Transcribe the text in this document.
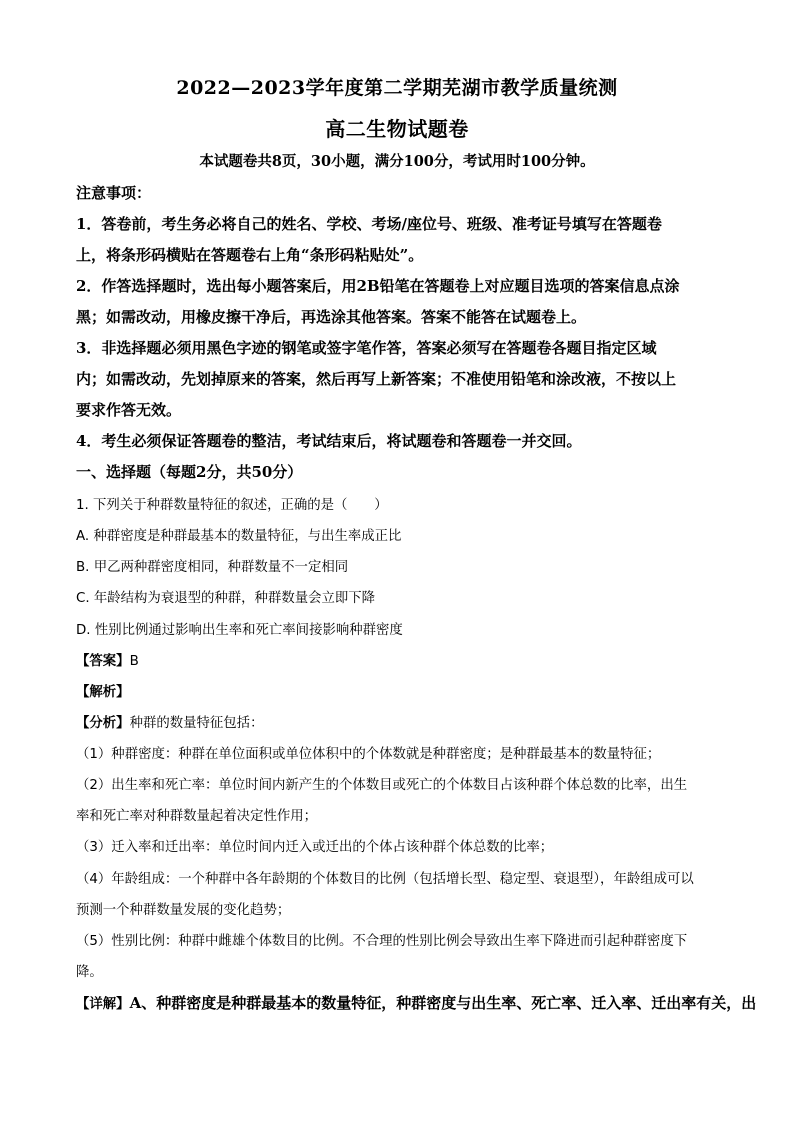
2022—2023学年度第二学期芜湖市教学质量统测
高二生物试题卷
本试题卷共8页，30小题，满分100分，考试用时100分钟。
注意事项：
1．答卷前，考生务必将自己的姓名、学校、考场/座位号、班级、准考证号填写在答题卷
上，将条形码横贴在答题卷右上角“条形码粘贴处”。
2．作答选择题时，选出每小题答案后，用2B铅笔在答题卷上对应题目选项的答案信息点涂
黑；如需改动，用橡皮擦干净后，再选涂其他答案。答案不能答在试题卷上。
3．非选择题必须用黑色字迹的钢笔或签字笔作答，答案必须写在答题卷各题目指定区域
内；如需改动，先划掉原来的答案，然后再写上新答案；不准使用铅笔和涂改液，不按以上
要求作答无效。
4．考生必须保证答题卷的整洁，考试结束后，将试题卷和答题卷一并交回。
一、选择题（每题2分，共50分）
1. 下列关于种群数量特征的叙述，正确的是（　　）
A. 种群密度是种群最基本的数量特征，与出生率成正比
B. 甲乙两种群密度相同，种群数量不一定相同
C. 年龄结构为衰退型的种群，种群数量会立即下降
D. 性别比例通过影响出生率和死亡率间接影响种群密度
【答案】B
【解析】
【分析】种群的数量特征包括：
（1）种群密度：种群在单位面积或单位体积中的个体数就是种群密度；是种群最基本的数量特征；
（2）出生率和死亡率：单位时间内新产生的个体数目或死亡的个体数目占该种群个体总数的比率，出生
率和死亡率对种群数量起着决定性作用；
（3）迁入率和迁出率：单位时间内迁入或迁出的个体占该种群个体总数的比率；
（4）年龄组成：一个种群中各年龄期的个体数目的比例（包括增长型、稳定型、衰退型），年龄组成可以
预测一个种群数量发展的变化趋势；
（5）性别比例：种群中雌雄个体数目的比例。不合理的性别比例会导致出生率下降进而引起种群密度下
降。
【详解】A、种群密度是种群最基本的数量特征，种群密度与出生率、死亡率、迁入率、迁出率有关，出
